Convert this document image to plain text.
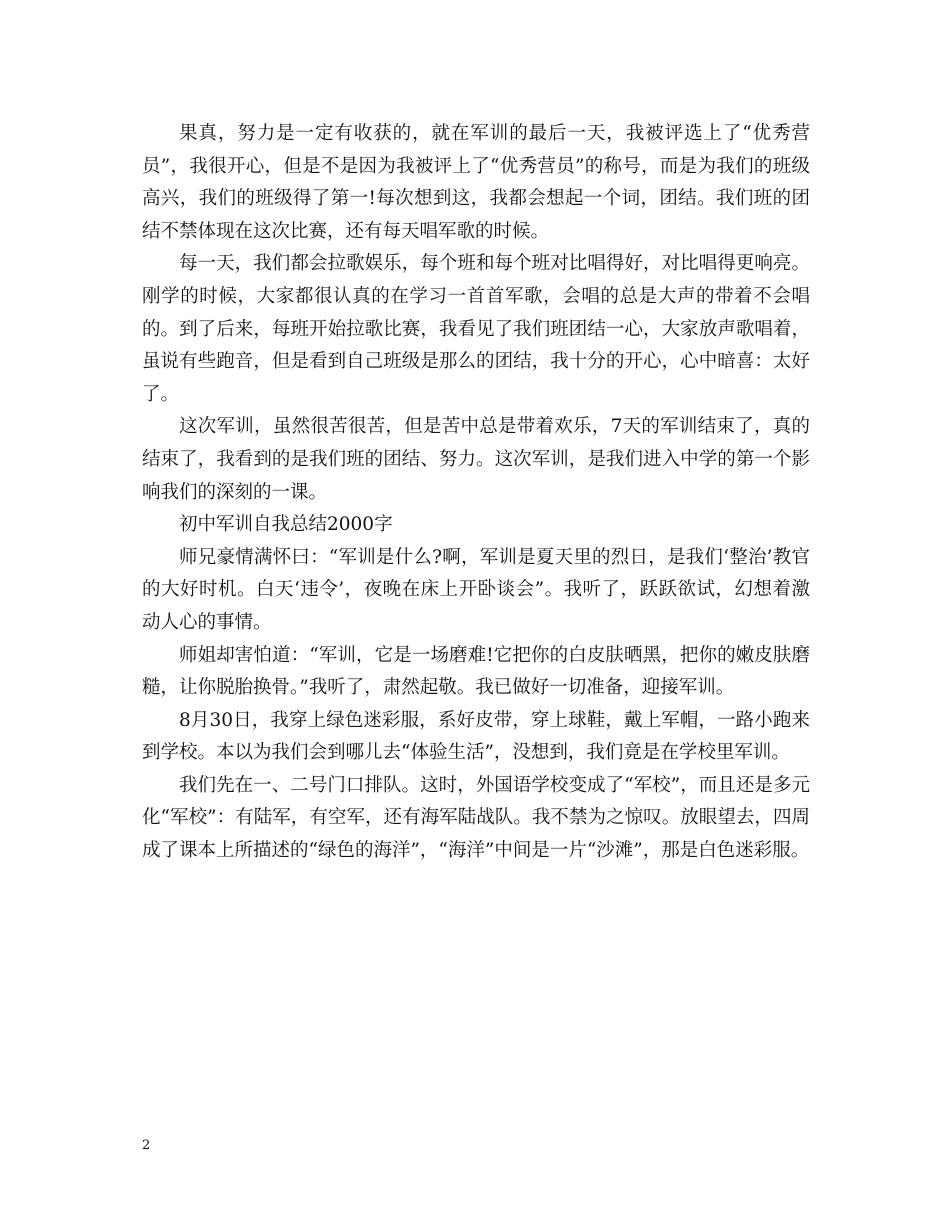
果真，努力是一定有收获的，就在军训的最后一天，我被评选上了“优秀营员”，我很开心，但是不是因为我被评上了“优秀营员”的称号，而是为我们的班级高兴，我们的班级得了第一!每次想到这，我都会想起一个词，团结。我们班的团结不禁体现在这次比赛，还有每天唱军歌的时候。

每一天，我们都会拉歌娱乐，每个班和每个班对比唱得好，对比唱得更响亮。刚学的时候，大家都很认真的在学习一首首军歌，会唱的总是大声的带着不会唱的。到了后来，每班开始拉歌比赛，我看见了我们班团结一心，大家放声歌唱着，虽说有些跑音，但是看到自己班级是那么的团结，我十分的开心，心中暗喜：太好了。

这次军训，虽然很苦很苦，但是苦中总是带着欢乐，7天的军训结束了，真的结束了，我看到的是我们班的团结、努力。这次军训，是我们进入中学的第一个影响我们的深刻的一课。

初中军训自我总结2000字

师兄豪情满怀曰：“军训是什么?啊，军训是夏天里的烈日，是我们‘整治’教官的大好时机。白天‘违令’，夜晚在床上开卧谈会”。我听了，跃跃欲试，幻想着激动人心的事情。

师姐却害怕道：“军训，它是一场磨难!它把你的白皮肤晒黑，把你的嫩皮肤磨糙，让你脱胎换骨。”我听了，肃然起敬。我已做好一切准备，迎接军训。

8月30日，我穿上绿色迷彩服，系好皮带，穿上球鞋，戴上军帽，一路小跑来到学校。本以为我们会到哪儿去“体验生活”，没想到，我们竟是在学校里军训。

我们先在一、二号门口排队。这时，外国语学校变成了“军校”，而且还是多元化“军校”：有陆军，有空军，还有海军陆战队。我不禁为之惊叹。放眼望去，四周成了课本上所描述的“绿色的海洋”，“海洋”中间是一片“沙滩”，那是白色迷彩服。

2
